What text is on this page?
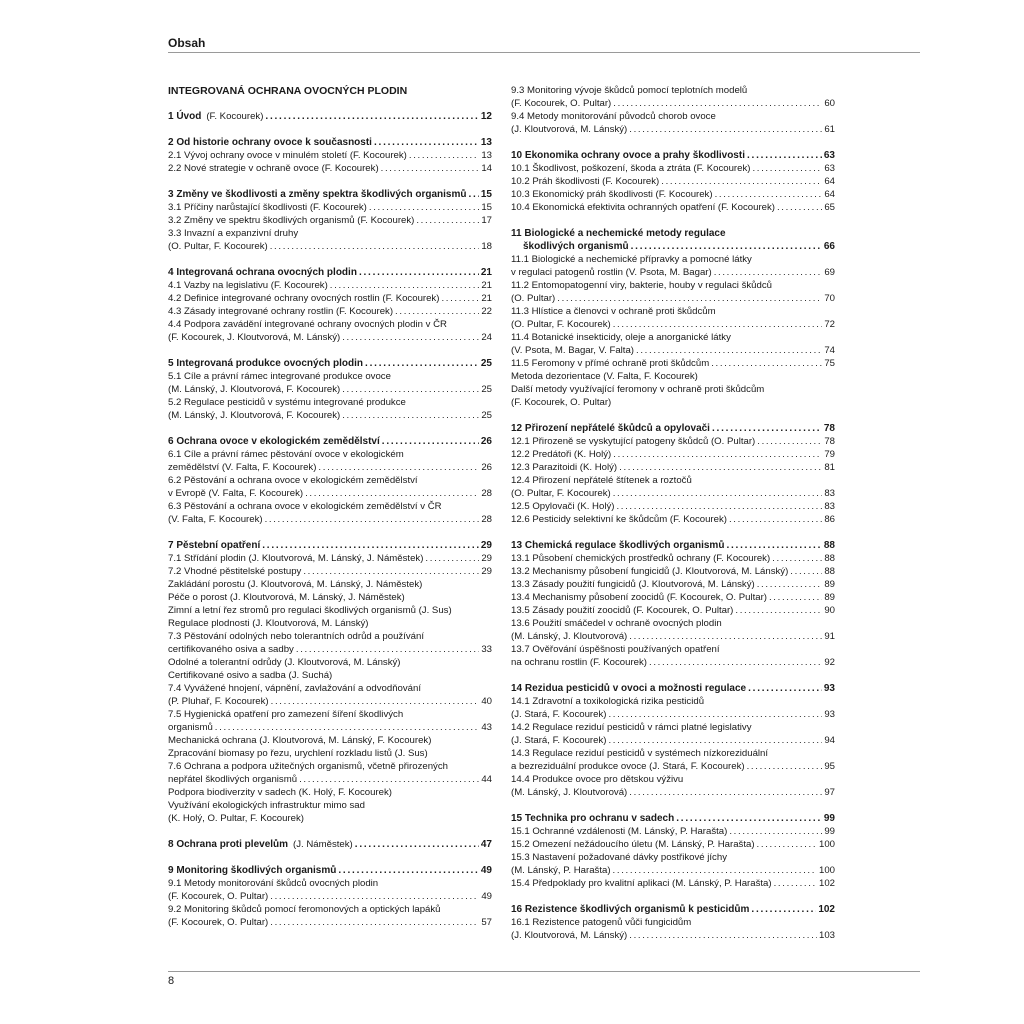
Obsah
INTEGROVANÁ OCHRANA OVOCNÝCH PLODIN
1 Úvod (F. Kocourek) . . .	12
2 Od historie ochrany ovoce k současnosti . . .	13
2.1 Vývoj ochrany ovoce v minulém století (F. Kocourek) . . .	13
2.2 Nové strategie v ochraně ovoce (F. Kocourek) . . .	14
3 Změny ve škodlivosti a změny spektra škodlivých organismů . . . 15
3.1 Příčiny narůstající škodlivosti (F. Kocourek) . . .	15
3.2 Změny ve spektru škodlivých organismů (F. Kocourek) . . .	17
3.3 Invazní a expanzivní druhy
(O. Pultar, F. Kocourek) . . .	18
4 Integrovaná ochrana ovocných plodin . . .	21
4.1 Vazby na legislativu (F. Kocourek) . . .	21
4.2 Definice integrované ochrany ovocných rostlin (F. Kocourek) . . .	21
4.3 Zásady integrované ochrany rostlin (F. Kocourek) . . .	22
4.4 Podpora zavádění integrované ochrany ovocných plodin v ČR
(F. Kocourek, J. Kloutvorová, M. Lánský) . . .	24
5 Integrovaná produkce ovocných plodin . . .	25
5.1 Cíle a právní rámec integrované produkce ovoce
(M. Lánský, J. Kloutvorová, F. Kocourek) . . .	25
5.2 Regulace pesticidů v systému integrované produkce
(M. Lánský, J. Kloutvorová, F. Kocourek) . . .	25
6 Ochrana ovoce v ekologickém zemědělství . . .	26
6.1 Cíle a právní rámec pěstování ovoce v ekologickém
zemědělství (V. Falta, F. Kocourek) . . .	26
6.2 Pěstování a ochrana ovoce v ekologickém zemědělství
v Evropě (V. Falta, F. Kocourek) . . .	28
6.3 Pěstování a ochrana ovoce v ekologickém zemědělství v ČR
(V. Falta, F. Kocourek) . . .	28
7 Pěstební opatření . . .	29
7.1 Střídání plodin (J. Kloutvorová, M. Lánský, J. Náměstek) . . .	29
7.2 Vhodné pěstitelské postupy . . .	29
Zakládání porostu (J. Kloutvorová, M. Lánský, J. Náměstek)
Péče o porost (J. Kloutvorová, M. Lánský, J. Náměstek)
Zimní a letní řez stromů pro regulaci škodlivých organismů (J. Sus)
Regulace plodnosti (J. Kloutvorová, M. Lánský)
7.3 Pěstování odolných nebo tolerantních odrůd a používání
certifikovaného osiva a sadby . . .	33
Odolné a tolerantní odrůdy (J. Kloutvorová, M. Lánský)
Certifikované osivo a sadba (J. Suchá)
7.4 Vyvážené hnojení, vápnění, zavlažování a odvodňování
(P. Pluhař, F. Kocourek) . . .	40
7.5 Hygienická opatření pro zamezení šíření škodlivých
organismů . . .	43
Mechanická ochrana (J. Kloutvorová, M. Lánský, F. Kocourek)
Zpracování biomasy po řezu, urychlení rozkladu listů (J. Sus)
7.6 Ochrana a podpora užitečných organismů, včetně přirozených
nepřátel škodlivých organismů . . .	44
Podpora biodiverzity v sadech (K. Holý, F. Kocourek)
Využívání ekologických infrastruktur mimo sad
(K. Holý, O. Pultar, F. Kocourek)
8 Ochrana proti plevelům (J. Náměstek) . . .	47
9 Monitoring škodlivých organismů . . .	49
9.1 Metody monitorování škůdců ovocných plodin
(F. Kocourek, O. Pultar) . . .	49
9.2 Monitoring škůdců pomocí feromonových a optických lapáků
(F. Kocourek, O. Pultar) . . .	57
9.3 Monitoring vývoje škůdců pomocí teplotních modelů
(F. Kocourek, O. Pultar) . . .	60
9.4 Metody monitorování původců chorob ovoce
(J. Kloutvorová, M. Lánský) . . .	61
10 Ekonomika ochrany ovoce a prahy škodlivosti . . .	63
10.1 Škodlivost, poškození, škoda a ztráta (F. Kocourek) . . .	63
10.2 Práh škodlivosti (F. Kocourek) . . .	64
10.3 Ekonomický práh škodlivosti (F. Kocourek) . . .	64
10.4 Ekonomická efektivita ochranných opatření (F. Kocourek) . . .	65
11 Biologické a nechemické metody regulace
škodlivých organismů . . .	66
11.1 Biologické a nechemické přípravky a pomocné látky
v regulaci patogenů rostlin (V. Psota, M. Bagar) . . .	69
11.2 Entomopatogenní viry, bakterie, houby v regulaci škůdců
(O. Pultar) . . .	70
11.3 Hlístice a členovci v ochraně proti škůdcům
(O. Pultar, F. Kocourek) . . .	72
11.4 Botanické insekticidy, oleje a anorganické látky
(V. Psota, M. Bagar, V. Falta) . . .	74
11.5 Feromony v přímé ochraně proti škůdcům . . .	75
Metoda dezorientace (V. Falta, F. Kocourek)
Další metody využívající feromony v ochraně proti škůdcům
(F. Kocourek, O. Pultar)
12 Přirození nepřátelé škůdců a opylovači . . .	78
12.1 Přirozeně se vyskytující patogeny škůdců (O. Pultar) . . .	78
12.2 Predátoři (K. Holý) . . .	79
12.3 Parazitoidi (K. Holý) . . .	81
12.4 Přirození nepřátelé štítenek a roztočů
(O. Pultar, F. Kocourek) . . .	83
12.5 Opylovači (K. Holý) . . .	83
12.6 Pesticidy selektivní ke škůdcům (F. Kocourek) . . .	86
13 Chemická regulace škodlivých organismů . . .	88
13.1 Působení chemických prostředků ochrany (F. Kocourek) . . .	88
13.2 Mechanismy působení fungicidů (J. Kloutvorová, M. Lánský) . . .	88
13.3 Zásady použití fungicidů (J. Kloutvorová, M. Lánský) . . .	89
13.4 Mechanismy působení zoocidů (F. Kocourek, O. Pultar) . . .	89
13.5 Zásady použití zoocidů (F. Kocourek, O. Pultar) . . .	90
13.6 Použití smáčedel v ochraně ovocných plodin
(M. Lánský, J. Kloutvorová) . . .	91
13.7 Ověřování úspěšnosti používaných opatření
na ochranu rostlin (F. Kocourek) . . .	92
14 Rezidua pesticidů v ovoci a možnosti regulace . . .	93
14.1 Zdravotní a toxikologická rizika pesticidů
(J. Stará, F. Kocourek) . . .	93
14.2 Regulace reziduí pesticidů v rámci platné legislativy
(J. Stará, F. Kocourek) . . .	94
14.3 Regulace reziduí pesticidů v systémech nízkoreziduální
a bezreziduální produkce ovoce (J. Stará, F. Kocourek) . . .	95
14.4 Produkce ovoce pro dětskou výživu
(M. Lánský, J. Kloutvorová) . . .	97
15 Technika pro ochranu v sadech . . .	99
15.1 Ochranné vzdálenosti (M. Lánský, P. Harašta) . . .	99
15.2 Omezení nežádoucího úletu (M. Lánský, P. Harašta) . . .	100
15.3 Nastavení požadované dávky postřikové jíchy
(M. Lánský, P. Harašta) . . .	100
15.4 Předpoklady pro kvalitní aplikaci (M. Lánský, P. Harašta) . . .	102
16 Rezistence škodlivých organismů k pesticidům . . .	102
16.1 Rezistence patogenů vůči fungicidům
(J. Kloutvorová, M. Lánský) . . .	103
8
